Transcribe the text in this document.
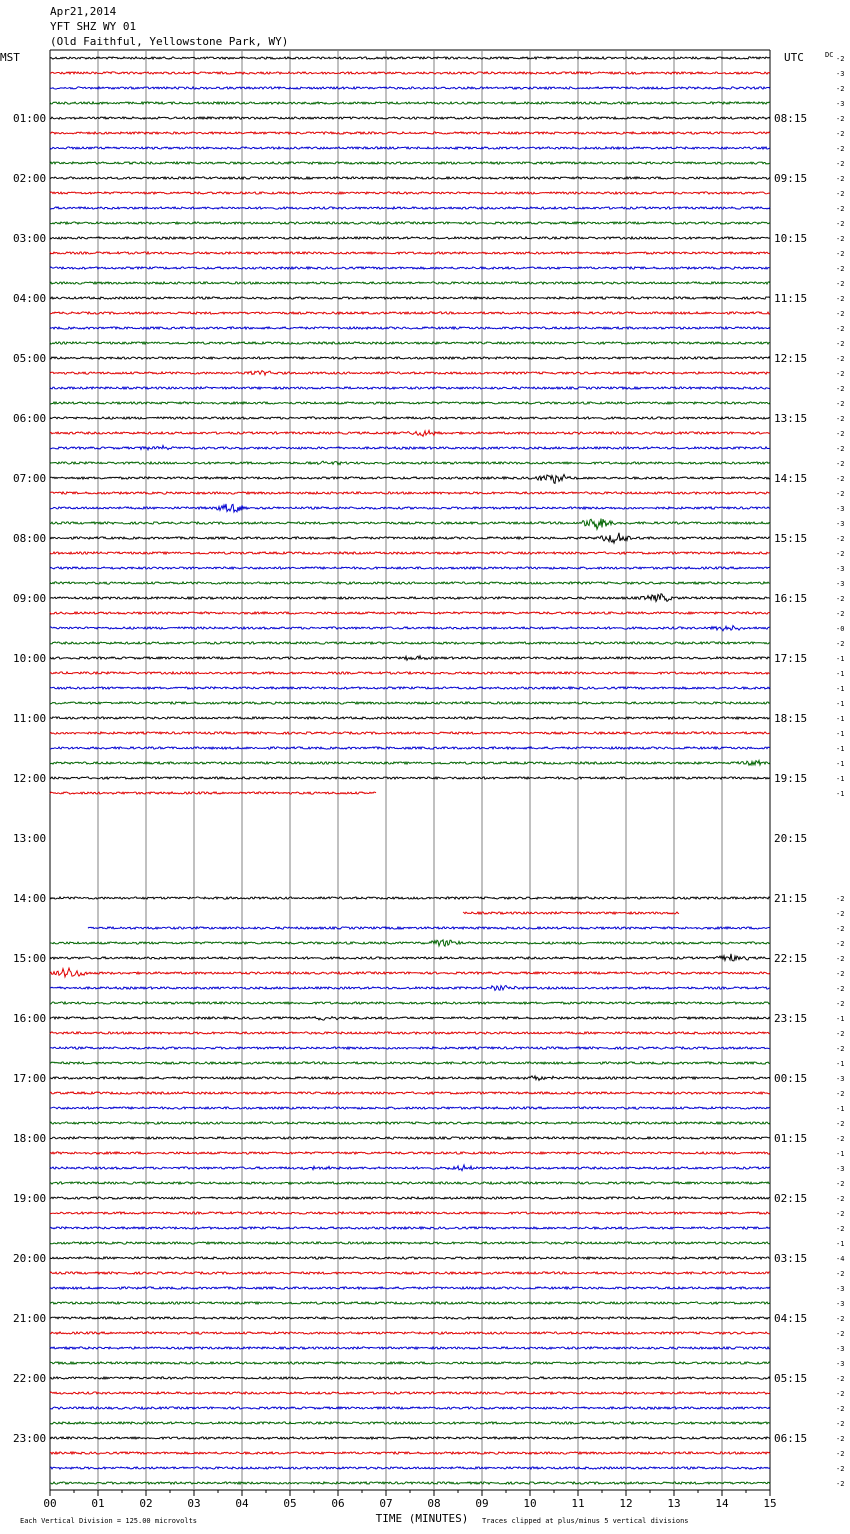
Apr21,2014
YFT SHZ WY 01
(Old Faithful, Yellowstone Park, WY)
MST	UTC	DC
01:00
02:00
03:00
04:00
05:00
06:00
07:00
08:00
09:00
10:00
11:00
12:00
13:00
14:00
15:00
16:00
17:00
18:00
19:00
20:00
21:00
22:00
23:00
08:15
09:15
10:15
11:15
12:15
13:15
14:15
15:15
16:15
17:15
18:15
19:15
20:15
21:15
22:15
23:15
00:15
01:15
02:15
03:15
04:15
05:15
06:15
-2
-3
-2
-3
-2
-2
-2
-2
-2
-2
-2
-2
-2
-2
-2
-2
-2
-2
-2
-2
-2
-2
-2
-2
-2
-2
-2
-2
-2
-2
-3
-3
-2
-2
-3
-3
-2
-2
-0
-2
-1
-1
-1
-1
-1
-1
-1
-1
-1
-1
-2
-2
-2
-2
-2
-2
-2
-2
-1
-2
-2
-1
-3
-2
-1
-2
-2
-1
-3
-2
-2
-2
-2
-1
-4
-2
-3
-3
-2
-2
-3
-3
-2
-2
-2
-2
-2
-2
-2
-2
00	01	02	03	04	05	06	07	08	09	10	11	12	13	14	15
TIME (MINUTES)
Each Vertical Division = 125.00 microvolts	Traces clipped at plus/minus 5 vertical divisions
